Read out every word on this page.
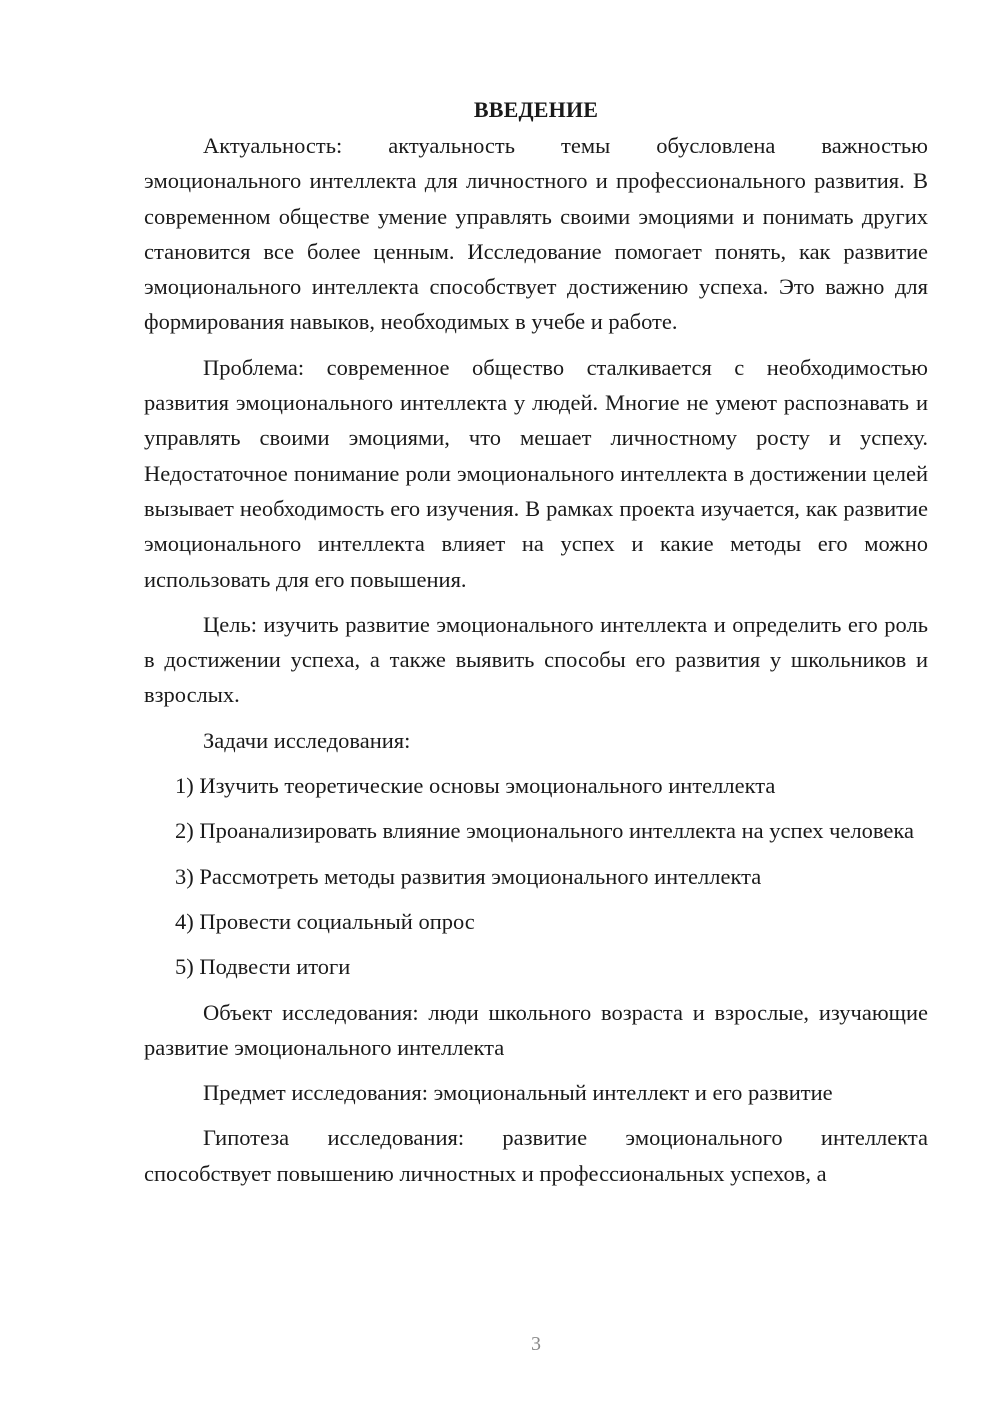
ВВЕДЕНИЕ

Актуальность: актуальность темы обусловлена важностью эмоционального интеллекта для личностного и профессионального развития. В современном обществе умение управлять своими эмоциями и понимать других становится все более ценным. Исследование помогает понять, как развитие эмоционального интеллекта способствует достижению успеха. Это важно для формирования навыков, необходимых в учебе и работе.

Проблема: современное общество сталкивается с необходимостью развития эмоционального интеллекта у людей. Многие не умеют распознавать и управлять своими эмоциями, что мешает личностному росту и успеху. Недостаточное понимание роли эмоционального интеллекта в достижении целей вызывает необходимость его изучения. В рамках проекта изучается, как развитие эмоционального интеллекта влияет на успех и какие методы его можно использовать для его повышения.

Цель: изучить развитие эмоционального интеллекта и определить его роль в достижении успеха, а также выявить способы его развития у школьников и взрослых.

Задачи исследования:

1) Изучить теоретические основы эмоционального интеллекта

2) Проанализировать влияние эмоционального интеллекта на успех человека

3) Рассмотреть методы развития эмоционального интеллекта

4) Провести социальный опрос

5) Подвести итоги

Объект исследования: люди школьного возраста и взрослые, изучающие развитие эмоционального интеллекта

Предмет исследования: эмоциональный интеллект и его развитие

Гипотеза исследования: развитие эмоционального интеллекта способствует повышению личностных и профессиональных успехов, а

3
